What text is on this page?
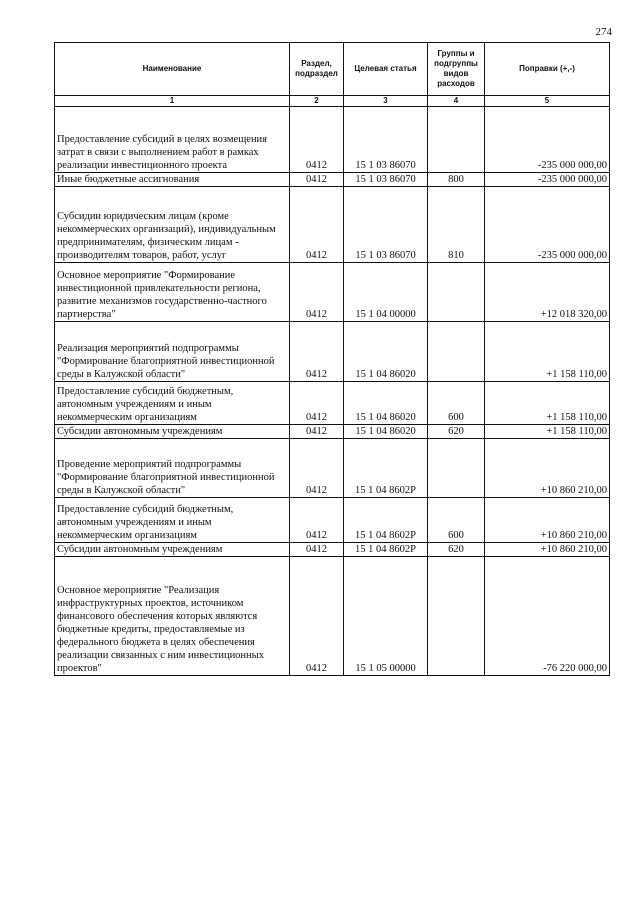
274
Наименование	Раздел, подраздел	Целевая статья	Группы и подгруппы видов расходов	Поправки (+,-)
1	2	3	4	5
Предоставление субсидий в целях возмещения затрат в связи с выполнением работ в рамках реализации инвестиционного проекта	0412	15 1 03 86070		-235 000 000,00
Иные бюджетные ассигнования	0412	15 1 03 86070	800	-235 000 000,00
Субсидии юридическим лицам (кроме некоммерческих организаций), индивидуальным предпринимателям, физическим лицам - производителям товаров, работ, услуг	0412	15 1 03 86070	810	-235 000 000,00
Основное мероприятие "Формирование инвестиционной привлекательности региона, развитие механизмов государственно-частного партнерства"	0412	15 1 04 00000		+12 018 320,00
Реализация мероприятий подпрограммы "Формирование благоприятной инвестиционной среды в Калужской области"	0412	15 1 04 86020		+1 158 110,00
Предоставление субсидий бюджетным, автономным учреждениям и иным некоммерческим организациям	0412	15 1 04 86020	600	+1 158 110,00
Субсидии автономным учреждениям	0412	15 1 04 86020	620	+1 158 110,00
Проведение мероприятий подпрограммы "Формирование благоприятной инвестиционной среды в Калужской области"	0412	15 1 04 8602Р		+10 860 210,00
Предоставление субсидий бюджетным, автономным учреждениям и иным некоммерческим организациям	0412	15 1 04 8602Р	600	+10 860 210,00
Субсидии автономным учреждениям	0412	15 1 04 8602Р	620	+10 860 210,00
Основное мероприятие "Реализация инфраструктурных проектов, источником финансового обеспечения которых являются бюджетные кредиты, предоставляемые из федерального бюджета в целях обеспечения реализации связанных с ним инвестиционных проектов"	0412	15 1 05 00000		-76 220 000,00
